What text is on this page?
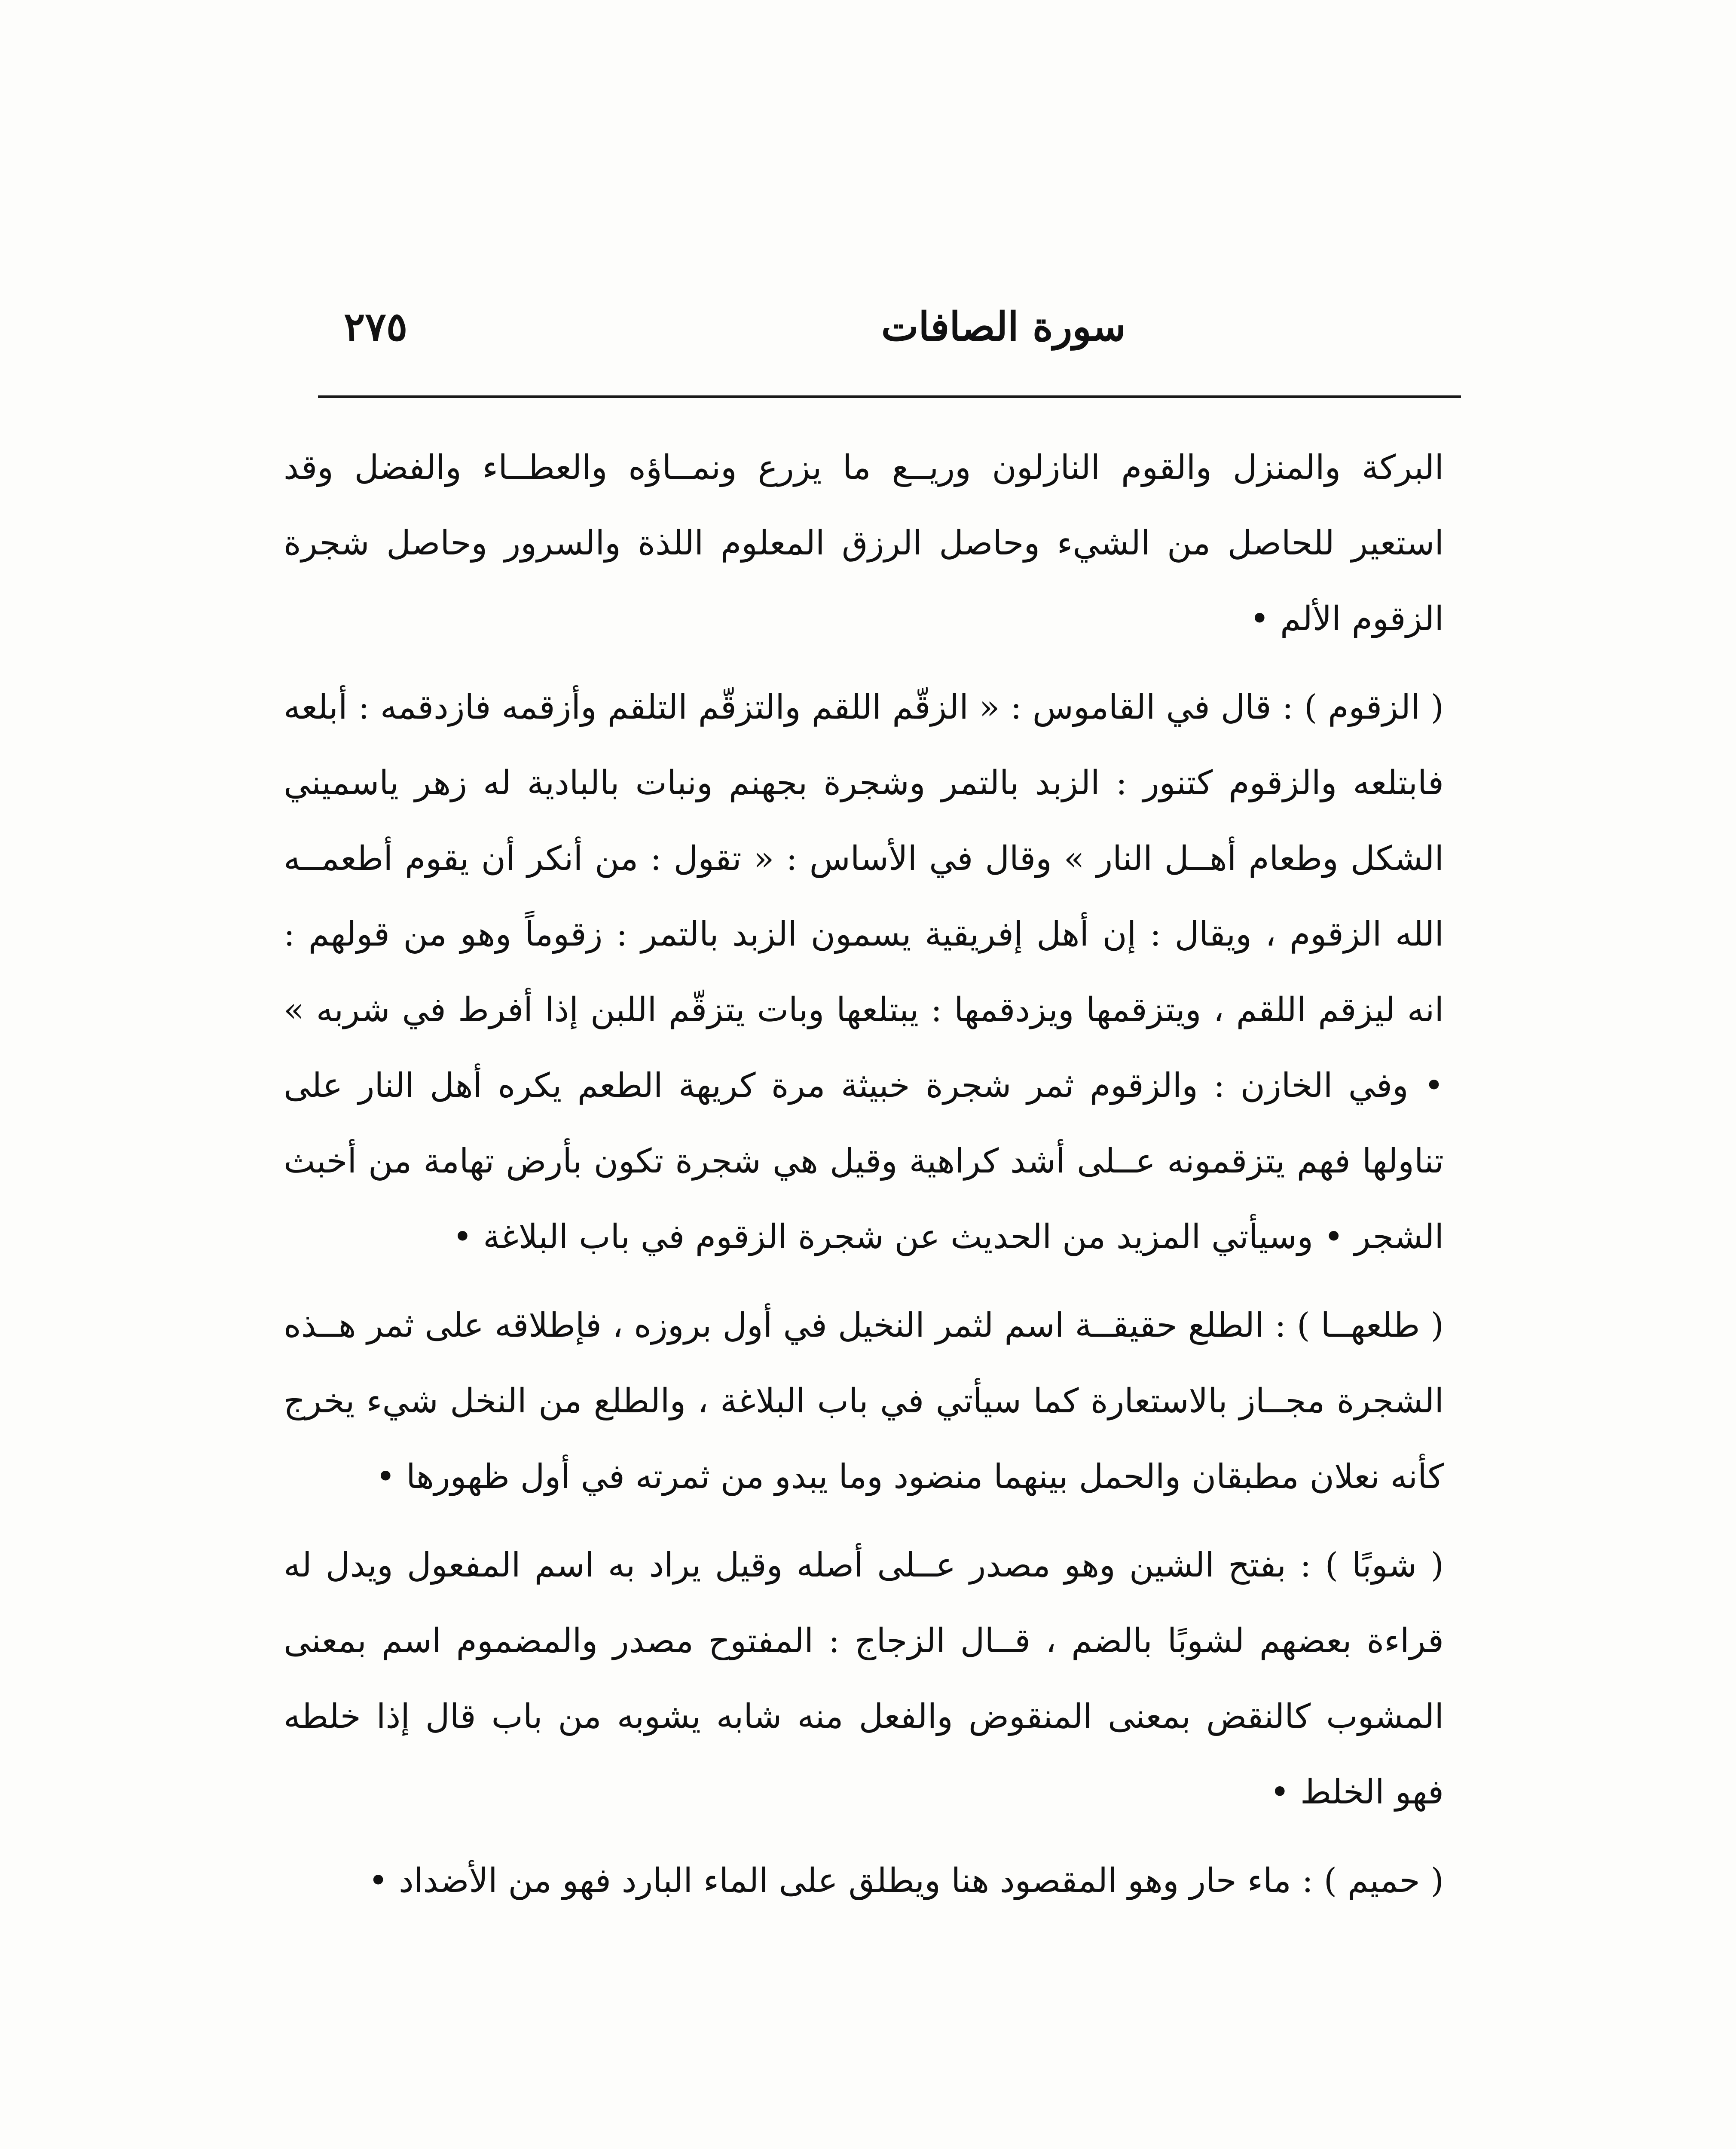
سورة الصافات
٢٧٥

البركة والمنزل والقوم النازلون وريــع ما يزرع ونمــاؤه والعطــاء والفضل وقد استعير للحاصل من الشيء وحاصل الرزق المعلوم اللذة والسرور وحاصل شجرة الزقوم الألم •

( الزقوم ) : قال في القاموس : « الزقّم اللقم والتزقّم التلقم وأزقمه فازدقمه : أبلعه فابتلعه والزقوم كتنور : الزبد بالتمر وشجرة بجهنم ونبات بالبادية له زهر ياسميني الشكل وطعام أهــل النار » وقال في الأساس : « تقول : من أنكر أن يقوم أطعمــه الله الزقوم ، ويقال : إن أهل إفريقية يسمون الزبد بالتمر : زقوماً وهو من قولهم : انه ليزقم اللقم ، ويتزقمها ويزدقمها : يبتلعها وبات يتزقّم اللبن إذا أفرط في شربه » • وفي الخازن : والزقوم ثمر شجرة خبيثة مرة كريهة الطعم يكره أهل النار على تناولها فهم يتزقمونه عــلى أشد كراهية وقيل هي شجرة تكون بأرض تهامة من أخبث الشجر • وسيأتي المزيد من الحديث عن شجرة الزقوم في باب البلاغة •

( طلعهــا ) : الطلع حقيقــة اسم لثمر النخيل في أول بروزه ، فإطلاقه على ثمر هــذه الشجرة مجــاز بالاستعارة كما سيأتي في باب البلاغة ، والطلع من النخل شيء يخرج كأنه نعلان مطبقان والحمل بينهما منضود وما يبدو من ثمرته في أول ظهورها •

( شوبًا ) : بفتح الشين وهو مصدر عــلى أصله وقيل يراد به اسم المفعول ويدل له قراءة بعضهم لشوبًا بالضم ، قــال الزجاج : المفتوح مصدر والمضموم اسم بمعنى المشوب كالنقض بمعنى المنقوض والفعل منه شابه يشوبه من باب قال إذا خلطه فهو الخلط •

( حميم ) : ماء حار وهو المقصود هنا ويطلق على الماء البارد فهو من الأضداد •
